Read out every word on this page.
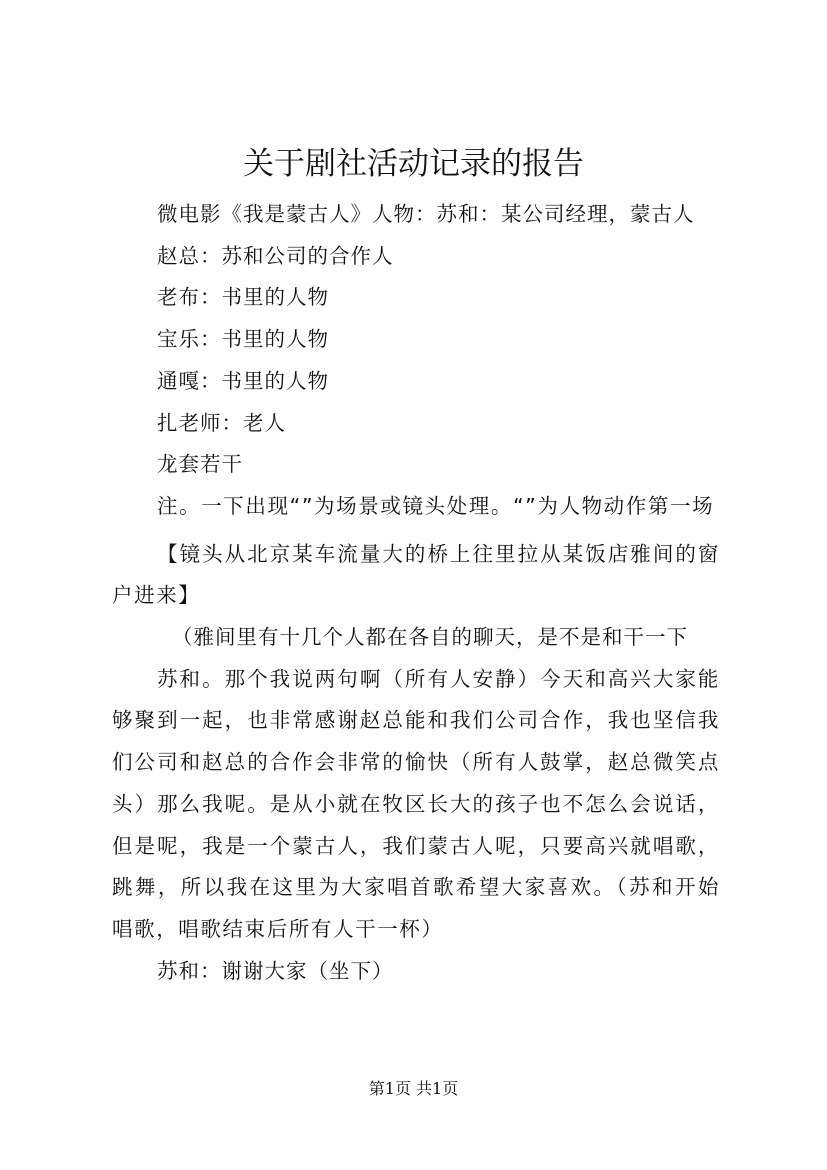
关于剧社活动记录的报告

微电影《我是蒙古人》人物：苏和：某公司经理，蒙古人

赵总：苏和公司的合作人

老布：书里的人物

宝乐：书里的人物

通嘎：书里的人物

扎老师：老人

龙套若干

注。一下出现“”为场景或镜头处理。“”为人物动作第一场

【镜头从北京某车流量大的桥上往里拉从某饭店雅间的窗户进来】

（雅间里有十几个人都在各自的聊天，是不是和干一下

苏和。那个我说两句啊（所有人安静）今天和高兴大家能够聚到一起，也非常感谢赵总能和我们公司合作，我也坚信我们公司和赵总的合作会非常的愉快（所有人鼓掌，赵总微笑点头）那么我呢。是从小就在牧区长大的孩子也不怎么会说话，但是呢，我是一个蒙古人，我们蒙古人呢，只要高兴就唱歌，跳舞，所以我在这里为大家唱首歌希望大家喜欢。（苏和开始唱歌，唱歌结束后所有人干一杯）

苏和：谢谢大家（坐下）

第1页 共1页
